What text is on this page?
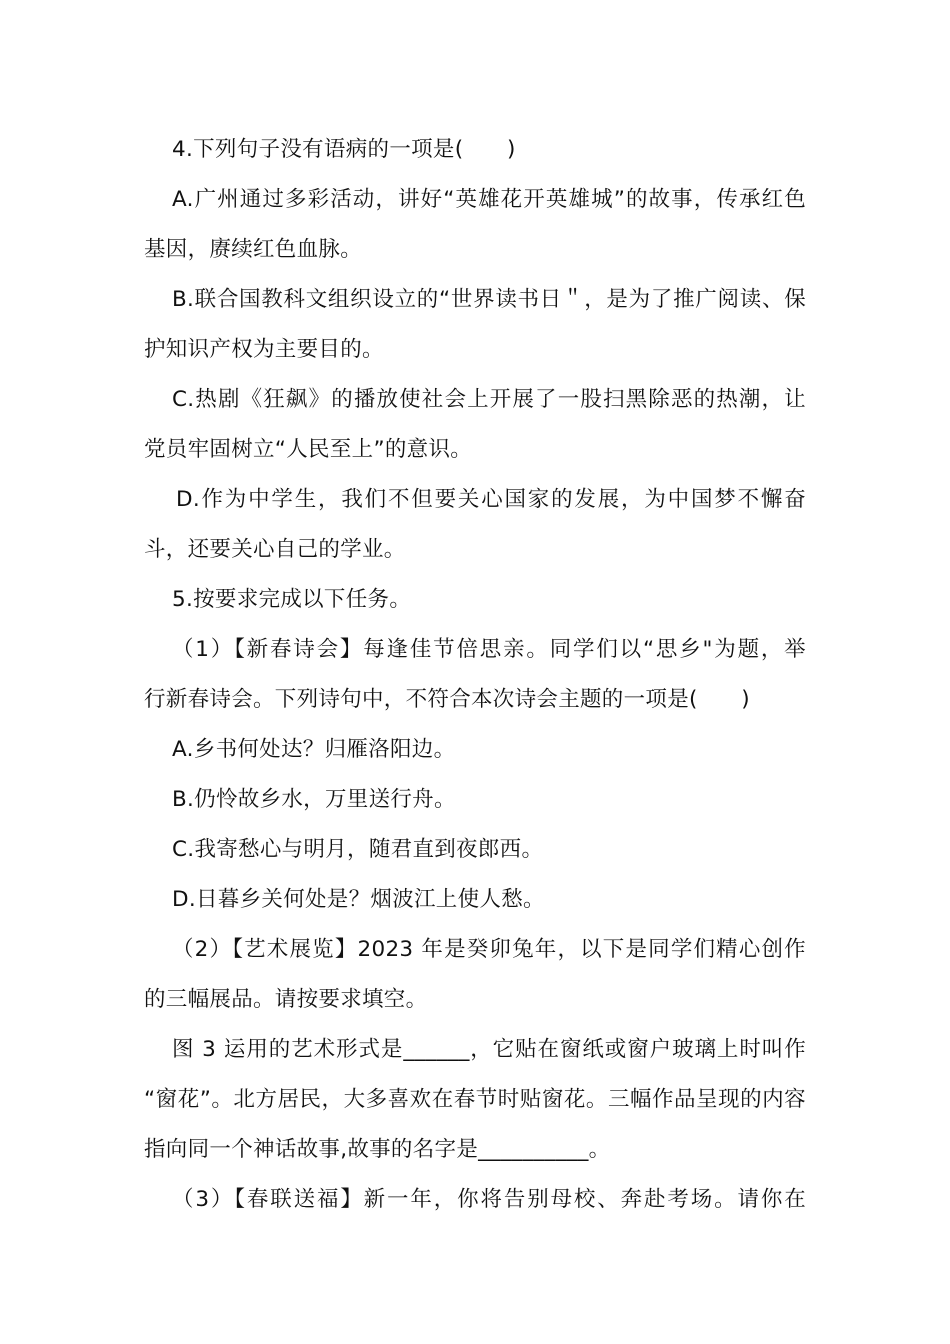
4.下列句子没有语病的一项是(　　)
A.广州通过多彩活动，讲好“英雄花开英雄城”的故事，传承红色
基因，赓续红色血脉。
B.联合国教科文组织设立的“世界读书日＂，是为了推广阅读、保
护知识产权为主要目的。
C.热剧《狂飙》的播放使社会上开展了一股扫黑除恶的热潮，让
党员牢固树立“人民至上”的意识。
D.作为中学生，我们不但要关心国家的发展，为中国梦不懈奋
斗，还要关心自己的学业。
5.按要求完成以下任务。
（1）【新春诗会】每逢佳节倍思亲。同学们以“思乡"为题，举
行新春诗会。下列诗句中，不符合本次诗会主题的一项是(　　)
A.乡书何处达？归雁洛阳边。
B.仍怜故乡水，万里送行舟。
C.我寄愁心与明月，随君直到夜郎西。
D.日暮乡关何处是？烟波江上使人愁。
（2）【艺术展览】2023 年是癸卯兔年，以下是同学们精心创作
的三幅展品。请按要求填空。
图 3 运用的艺术形式是______，它贴在窗纸或窗户玻璃上时叫作
“窗花”。北方居民，大多喜欢在春节时贴窗花。三幅作品呈现的内容
指向同一个神话故事,故事的名字是__________。
（3）【春联送福】新一年，你将告别母校、奔赴考场。请你在
